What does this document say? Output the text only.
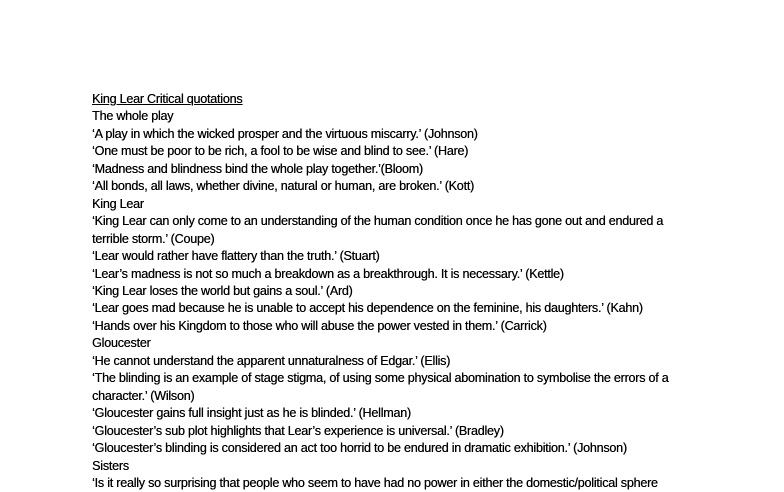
King Lear Critical quotations
The whole play
‘A play in which the wicked prosper and the virtuous miscarry.’ (Johnson)
‘One must be poor to be rich, a fool to be wise and blind to see.’ (Hare)
‘Madness and blindness bind the whole play together.’(Bloom)
‘All bonds, all laws, whether divine, natural or human, are broken.’ (Kott)
King Lear
‘King Lear can only come to an understanding of the human condition once he has gone out and endured a
terrible storm.’ (Coupe)
‘Lear would rather have flattery than the truth.’ (Stuart)
‘Lear’s madness is not so much a breakdown as a breakthrough. It is necessary.’ (Kettle)
‘King Lear loses the world but gains a soul.’ (Ard)
‘Lear goes mad because he is unable to accept his dependence on the feminine, his daughters.’ (Kahn)
‘Hands over his Kingdom to those who will abuse the power vested in them.’ (Carrick)
Gloucester
‘He cannot understand the apparent unnaturalness of Edgar.’ (Ellis)
‘The blinding is an example of stage stigma, of using some physical abomination to symbolise the errors of a
character.’ (Wilson)
‘Gloucester gains full insight just as he is blinded.’ (Hellman)
‘Gloucester’s sub plot highlights that Lear’s experience is universal.’ (Bradley)
‘Gloucester’s blinding is considered an act too horrid to be endured in dramatic exhibition.’ (Johnson)
Sisters
‘Is it really so surprising that people who seem to have had no power in either the domestic/political sphere
